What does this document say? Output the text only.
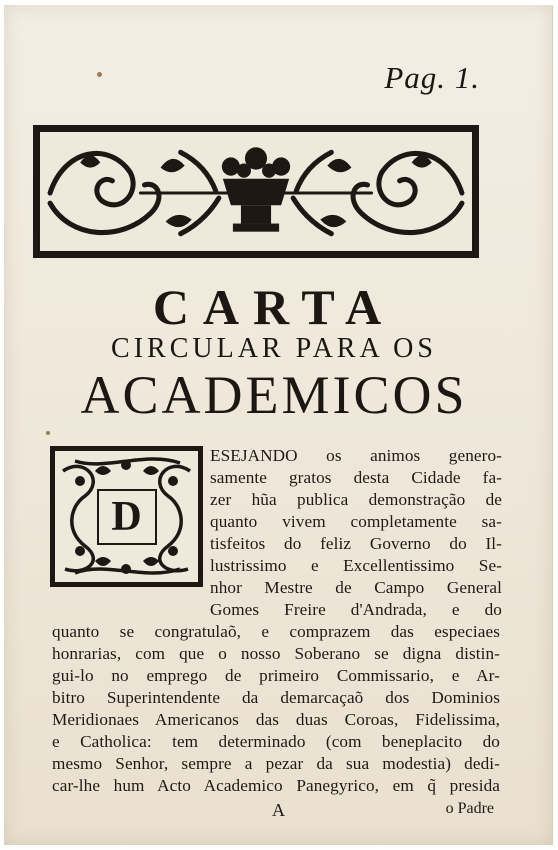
Pag. 1.
CARTA
CIRCULAR PARA OS
ACADEMICOS
D
ESEJANDO os animos genero-
samente gratos desta Cidade fa-
zer hũa publica demonstração de
quanto vivem completamente sa-
tisfeitos do feliz Governo do Il-
lustrissimo e Excellentissimo Se-
nhor Mestre de Campo General
Gomes Freire d'Andrada, e do
quanto se congratulaõ, e comprazem das especiaes
honrarias, com que o nosso Soberano se digna distin-
gui-lo no emprego de primeiro Commissario, e Ar-
bitro Superintendente da demarcaçaõ dos Dominios
Meridionaes Americanos das duas Coroas, Fidelissima,
e Catholica: tem determinado (com beneplacito do
mesmo Senhor, sempre a pezar da sua modestia) dedi-
car-lhe hum Acto Academico Panegyrico, em q̃ presida
A	o Padre
